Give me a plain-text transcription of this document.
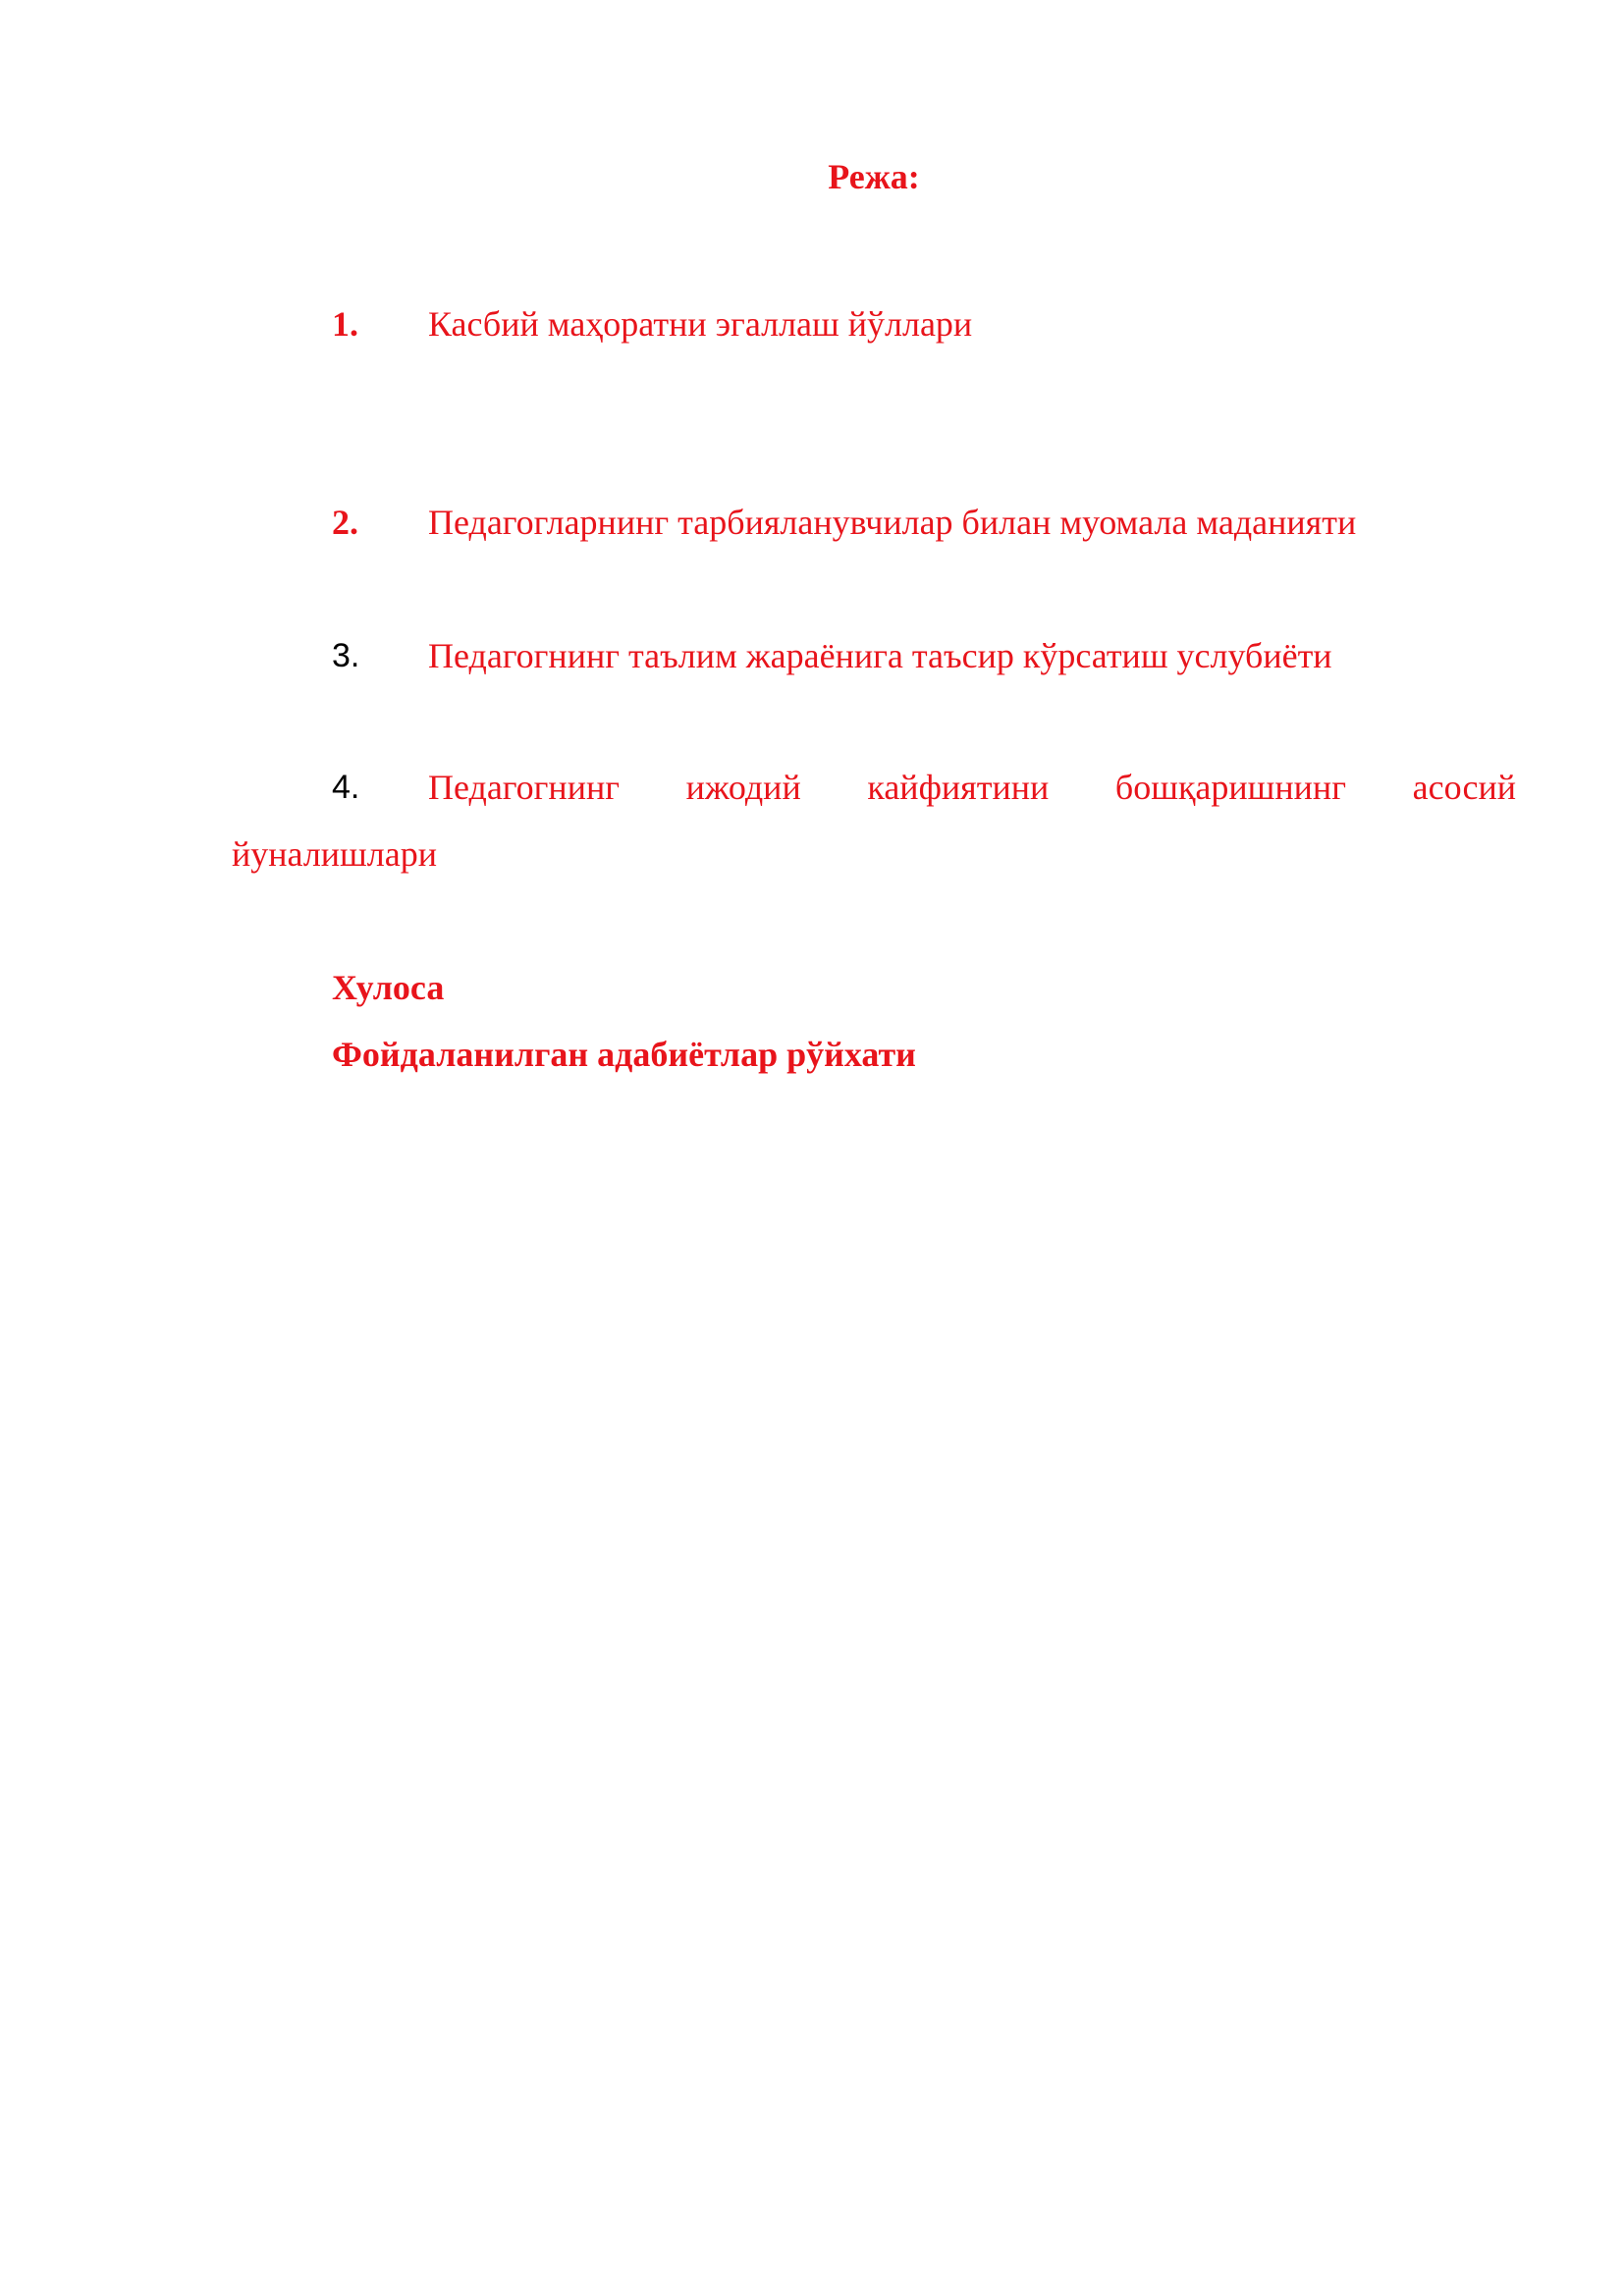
Режа:
1.	Касбий маҳоратни эгаллаш йўллари
2.	Педагогларнинг тарбияланувчилар билан муомала маданияти
3.	Педагогнинг таълим жараёнига таъсир кўрсатиш услубиёти
4.	Педагогнинг ижодий кайфиятини бошқаришнинг асосий
йуналишлари
Хулоса
Фойдаланилган адабиётлар рўйхати
